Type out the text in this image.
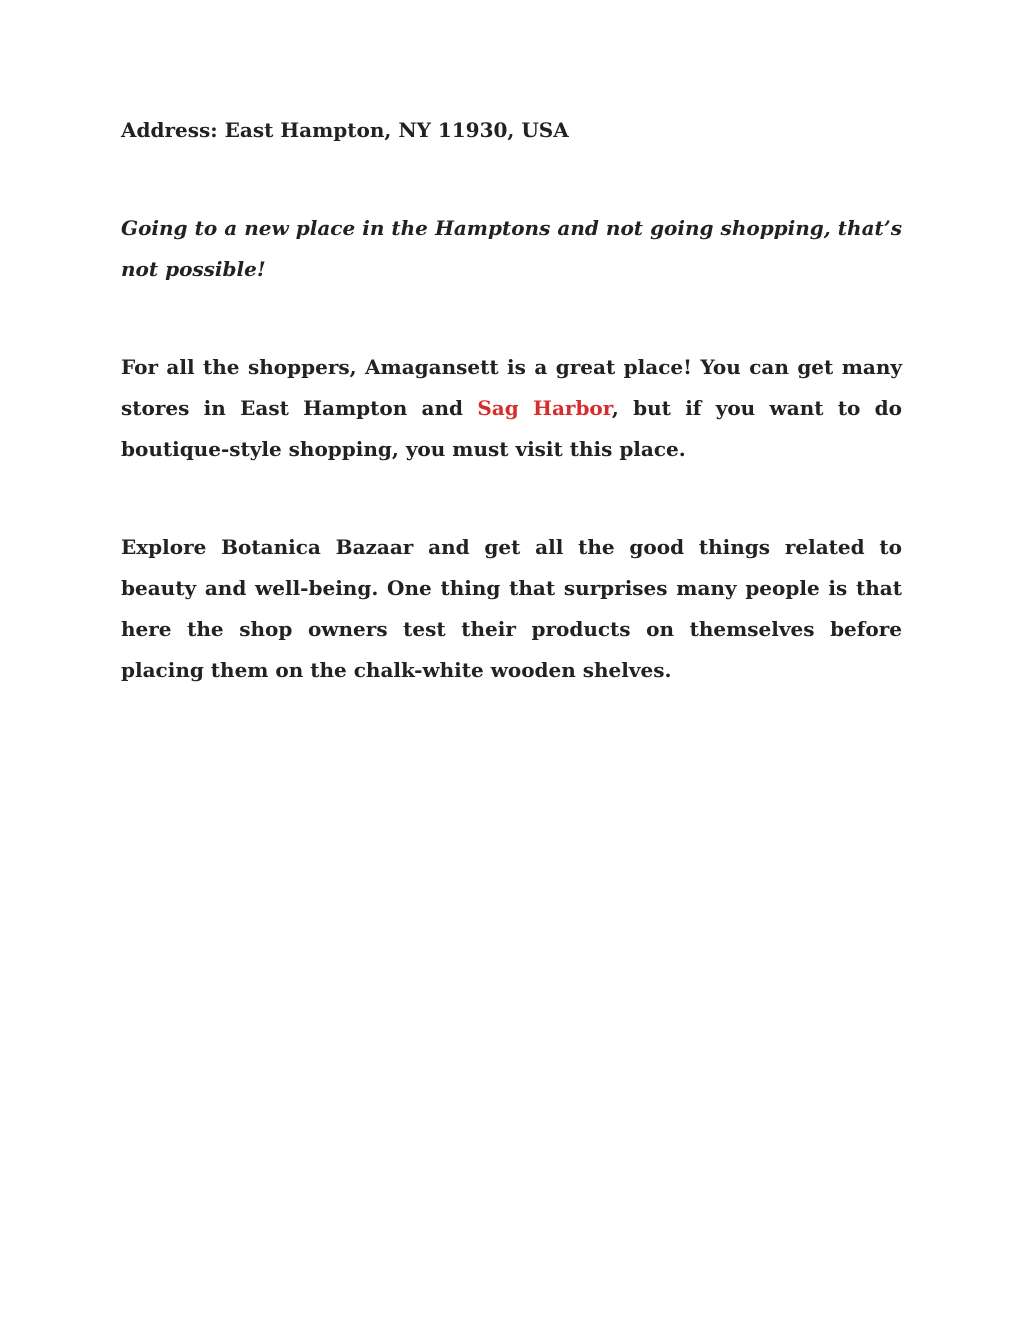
Address: East Hampton, NY 11930, USA

Going to a new place in the Hamptons and not going shopping, that’s not possible!

For all the shoppers, Amagansett is a great place! You can get many stores in East Hampton and Sag Harbor, but if you want to do boutique-style shopping, you must visit this place.

Explore Botanica Bazaar and get all the good things related to beauty and well-being. One thing that surprises many people is that here the shop owners test their products on themselves before placing them on the chalk-white wooden shelves.
